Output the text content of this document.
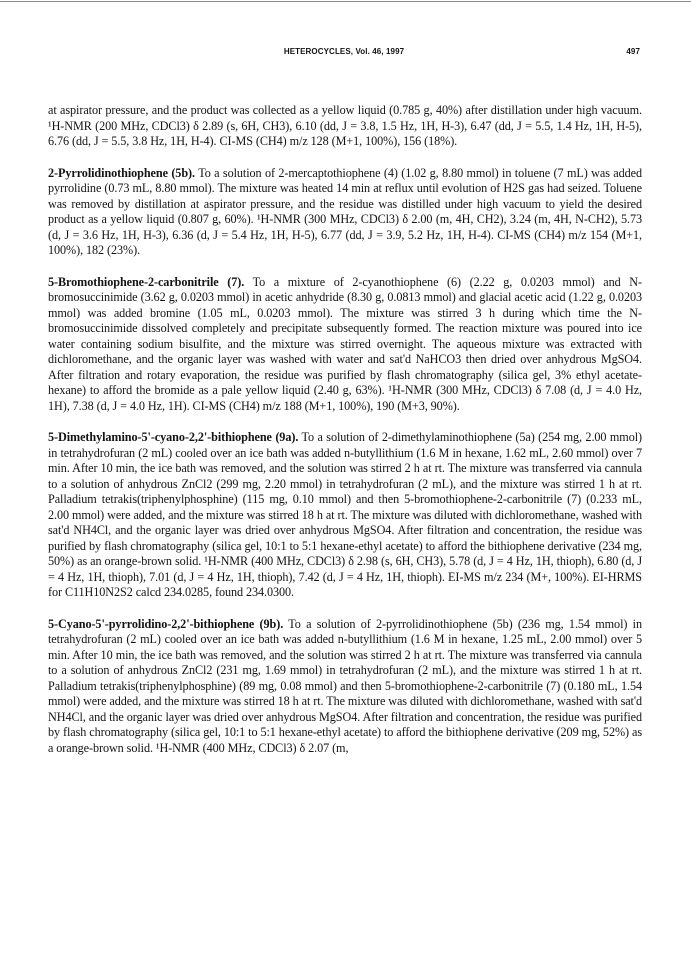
HETEROCYCLES, Vol. 46, 1997	497

at aspirator pressure, and the product was collected as a yellow liquid (0.785 g, 40%) after distillation under high vacuum. ¹H-NMR (200 MHz, CDCl3) δ 2.89 (s, 6H, CH3), 6.10 (dd, J = 3.8, 1.5 Hz, 1H, H-3), 6.47 (dd, J = 5.5, 1.4 Hz, 1H, H-5), 6.76 (dd, J = 5.5, 3.8 Hz, 1H, H-4). CI-MS (CH4) m/z 128 (M+1, 100%), 156 (18%).

2-Pyrrolidinothiophene (5b). To a solution of 2-mercaptothiophene (4) (1.02 g, 8.80 mmol) in toluene (7 mL) was added pyrrolidine (0.73 mL, 8.80 mmol). The mixture was heated 14 min at reflux until evolution of H2S gas had seized. Toluene was removed by distillation at aspirator pressure, and the residue was distilled under high vacuum to yield the desired product as a yellow liquid (0.807 g, 60%). ¹H-NMR (300 MHz, CDCl3) δ 2.00 (m, 4H, CH2), 3.24 (m, 4H, N-CH2), 5.73 (d, J = 3.6 Hz, 1H, H-3), 6.36 (d, J = 5.4 Hz, 1H, H-5), 6.77 (dd, J = 3.9, 5.2 Hz, 1H, H-4). CI-MS (CH4) m/z 154 (M+1, 100%), 182 (23%).

5-Bromothiophene-2-carbonitrile (7). To a mixture of 2-cyanothiophene (6) (2.22 g, 0.0203 mmol) and N-bromosuccinimide (3.62 g, 0.0203 mmol) in acetic anhydride (8.30 g, 0.0813 mmol) and glacial acetic acid (1.22 g, 0.0203 mmol) was added bromine (1.05 mL, 0.0203 mmol). The mixture was stirred 3 h during which time the N-bromosuccinimide dissolved completely and precipitate subsequently formed. The reaction mixture was poured into ice water containing sodium bisulfite, and the mixture was stirred overnight. The aqueous mixture was extracted with dichloromethane, and the organic layer was washed with water and sat'd NaHCO3 then dried over anhydrous MgSO4. After filtration and rotary evaporation, the residue was purified by flash chromatography (silica gel, 3% ethyl acetate-hexane) to afford the bromide as a pale yellow liquid (2.40 g, 63%). ¹H-NMR (300 MHz, CDCl3) δ 7.08 (d, J = 4.0 Hz, 1H), 7.38 (d, J = 4.0 Hz, 1H). CI-MS (CH4) m/z 188 (M+1, 100%), 190 (M+3, 90%).

5-Dimethylamino-5'-cyano-2,2'-bithiophene (9a). To a solution of 2-dimethylaminothiophene (5a) (254 mg, 2.00 mmol) in tetrahydrofuran (2 mL) cooled over an ice bath was added n-butyllithium (1.6 M in hexane, 1.62 mL, 2.60 mmol) over 7 min. After 10 min, the ice bath was removed, and the solution was stirred 2 h at rt. The mixture was transferred via cannula to a solution of anhydrous ZnCl2 (299 mg, 2.20 mmol) in tetrahydrofuran (2 mL), and the mixture was stirred 1 h at rt. Palladium tetrakis(triphenylphosphine) (115 mg, 0.10 mmol) and then 5-bromothiophene-2-carbonitrile (7) (0.233 mL, 2.00 mmol) were added, and the mixture was stirred 18 h at rt. The mixture was diluted with dichloromethane, washed with sat'd NH4Cl, and the organic layer was dried over anhydrous MgSO4. After filtration and concentration, the residue was purified by flash chromatography (silica gel, 10:1 to 5:1 hexane-ethyl acetate) to afford the bithiophene derivative (234 mg, 50%) as an orange-brown solid. ¹H-NMR (400 MHz, CDCl3) δ 2.98 (s, 6H, CH3), 5.78 (d, J = 4 Hz, 1H, thioph), 6.80 (d, J = 4 Hz, 1H, thioph), 7.01 (d, J = 4 Hz, 1H, thioph), 7.42 (d, J = 4 Hz, 1H, thioph). EI-MS m/z 234 (M+, 100%). EI-HRMS for C11H10N2S2 calcd 234.0285, found 234.0300.

5-Cyano-5'-pyrrolidino-2,2'-bithiophene (9b). To a solution of 2-pyrrolidinothiophene (5b) (236 mg, 1.54 mmol) in tetrahydrofuran (2 mL) cooled over an ice bath was added n-butyllithium (1.6 M in hexane, 1.25 mL, 2.00 mmol) over 5 min. After 10 min, the ice bath was removed, and the solution was stirred 2 h at rt. The mixture was transferred via cannula to a solution of anhydrous ZnCl2 (231 mg, 1.69 mmol) in tetrahydrofuran (2 mL), and the mixture was stirred 1 h at rt. Palladium tetrakis(triphenylphosphine) (89 mg, 0.08 mmol) and then 5-bromothiophene-2-carbonitrile (7) (0.180 mL, 1.54 mmol) were added, and the mixture was stirred 18 h at rt. The mixture was diluted with dichloromethane, washed with sat'd NH4Cl, and the organic layer was dried over anhydrous MgSO4. After filtration and concentration, the residue was purified by flash chromatography (silica gel, 10:1 to 5:1 hexane-ethyl acetate) to afford the bithiophene derivative (209 mg, 52%) as a orange-brown solid. ¹H-NMR (400 MHz, CDCl3) δ 2.07 (m,
